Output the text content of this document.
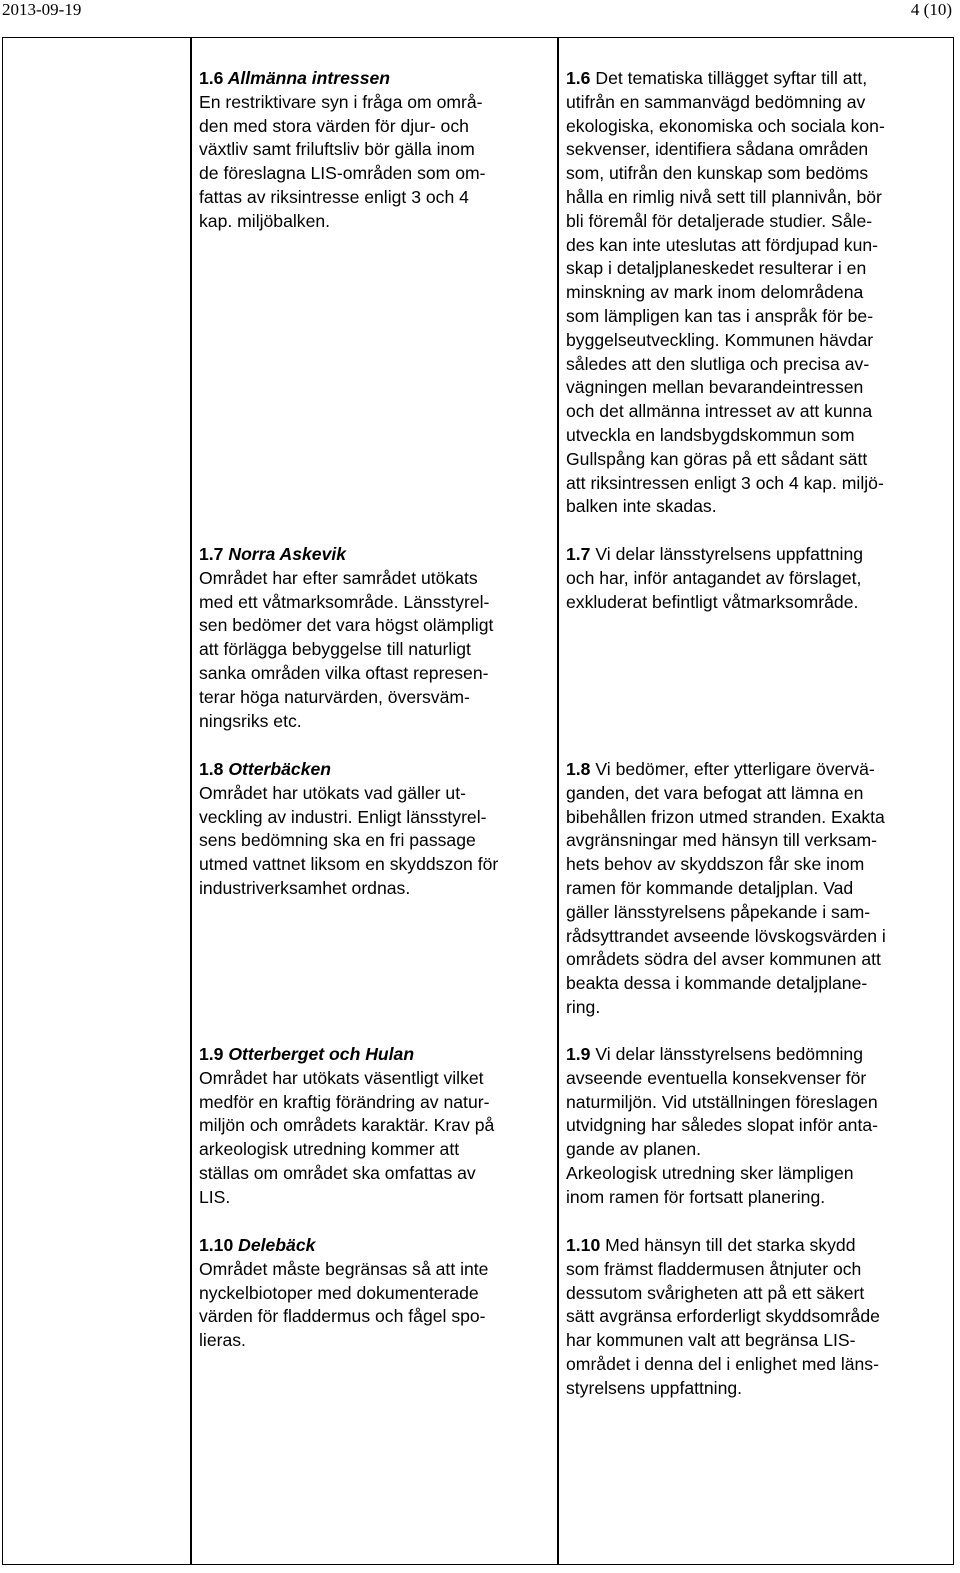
2013-09-19	4 (10)

1.6 Allmänna intressen

En restriktivare syn i fråga om områ-
den med stora värden för djur- och
växtliv samt friluftsliv bör gälla inom
de föreslagna LIS-områden som om-
fattas av riksintresse enligt 3 och 4
kap. miljöbalken.

1.7 Norra Askevik

Området har efter samrådet utökats
med ett våtmarksområde. Länsstyrel-
sen bedömer det vara högst olämpligt
att förlägga bebyggelse till naturligt
sanka områden vilka oftast represen-
terar höga naturvärden, översväm-
ningsriks etc.

1.8 Otterbäcken

Området har utökats vad gäller ut-
veckling av industri. Enligt länsstyrel-
sens bedömning ska en fri passage
utmed vattnet liksom en skyddszon för
industriverksamhet ordnas.

1.9 Otterberget och Hulan

Området har utökats väsentligt vilket
medför en kraftig förändring av natur-
miljön och områdets karaktär. Krav på
arkeologisk utredning kommer att
ställas om området ska omfattas av
LIS.

1.10 Delebäck

Området måste begränsas så att inte
nyckelbiotoper med dokumenterade
värden för fladdermus och fågel spo-
lieras.

1.6 Det tematiska tillägget syftar till att,
utifrån en sammanvägd bedömning av
ekologiska, ekonomiska och sociala kon-
sekvenser, identifiera sådana områden
som, utifrån den kunskap som bedöms
hålla en rimlig nivå sett till plannivån, bör
bli föremål för detaljerade studier. Såle-
des kan inte uteslutas att fördjupad kun-
skap i detaljplaneskedet resulterar i en
minskning av mark inom delområdena
som lämpligen kan tas i anspråk för be-
byggelseutveckling. Kommunen hävdar
således att den slutliga och precisa av-
vägningen mellan bevarandeintressen
och det allmänna intresset av att kunna
utveckla en landsbygdskommun som
Gullspång kan göras på ett sådant sätt
att riksintressen enligt 3 och 4 kap. miljö-
balken inte skadas.

1.7 Vi delar länsstyrelsens uppfattning
och har, inför antagandet av förslaget,
exkluderat befintligt våtmarksområde.

1.8 Vi bedömer, efter ytterligare övervä-
ganden, det vara befogat att lämna en
bibehållen frizon utmed stranden. Exakta
avgränsningar med hänsyn till verksam-
hets behov av skyddszon får ske inom
ramen för kommande detaljplan. Vad
gäller länsstyrelsens påpekande i sam-
rådsyttrandet avseende lövskogsvärden i
områdets södra del avser kommunen att
beakta dessa i kommande detaljplane-
ring.

1.9 Vi delar länsstyrelsens bedömning
avseende eventuella konsekvenser för
naturmiljön. Vid utställningen föreslagen
utvidgning har således slopat inför anta-
gande av planen.
Arkeologisk utredning sker lämpligen
inom ramen för fortsatt planering.

1.10 Med hänsyn till det starka skydd
som främst fladdermusen åtnjuter och
dessutom svårigheten att på ett säkert
sätt avgränsa erforderligt skyddsområde
har kommunen valt att begränsa LIS-
området i denna del i enlighet med läns-
styrelsens uppfattning.
